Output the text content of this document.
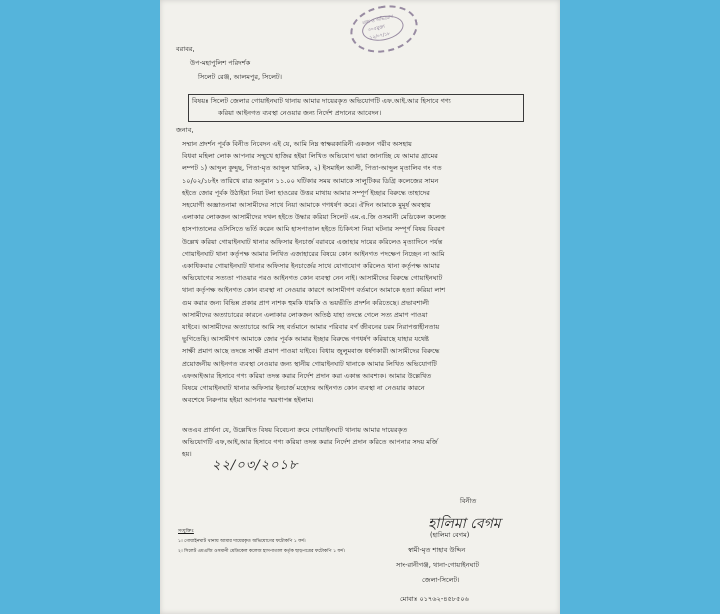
তথ্য ও অভিযোগ
৩০৫মুক্তা
১২/০৭/১৮
বরাবর,
উপ-মহাপুলিশ পরিদর্শক
সিলেট রেঞ্জ, আলমপুর, সিলেট।
বিষয়ঃ সিলেট জেলার গোয়াইনঘাট থানায় আমার দায়েরকৃত অভিযোগটি এফ.আই.আর হিসাবে গণ্য
করিয়া আইনগত ব্যবস্থা নেওয়ার জন্য নির্দেশ প্রদানের আবেদন।
জনাব,
সম্মান প্রদর্শন পূর্বক বিনীত নিবেদন এই যে, আমি নিম্ন স্বাক্ষরকারিনী একজন গরীব অসহায়
বিধবা মহিলা লোক আপনার সম্মুখে হাজির হইয়া লিখিত অভিযোগ দ্বারা জানাচ্ছি যে আমার গ্রামের
লম্পট ১) আব্দুল কুদ্দুছ, পিতা-মৃত আব্দুল খালিক, ২) ইসমাইল আলী, পিতা-আব্দুল মৃতালিব গং গত
১০/০২/১৮ইং তারিখে রাত্র অনুমান ১১.০০ ঘটিকার সময় আমাকে সালুটিকর ডিগ্রি কলেজের সামন
হইতে জোর পূর্বক উঠাইয়া নিয়া টলা হাওরের উত্তর মাথায় আমার সম্পূর্ণ ইচ্ছার বিরুদ্ধে তাহাদের
সহযোগী অজ্ঞাতনামা আসামীদের সাথে নিয়া আমাকে গণধর্ষণ করে। ঐদিন আমাকে মুমূর্ষ অবস্থায়
এলাকার লোকজন আসামীদের দখল হইতে উদ্ধার করিয়া সিলেট এম.এ.জি ওসমানী মেডিকেল কলেজ
হাসপাতালের ওসিসিতে ভর্তি করেন আমি হাসপাতাল হইতে চিকিৎসা নিয়া ঘটনার সম্পূর্ণ বিষয় বিবরণ
উল্লেখ করিয়া গোয়াইনঘাট থানার অফিসার ইনচার্জ বরাবরে এজাহার দায়ের করিলেও মৃত্যাদিনে পর্যন্ত
গোয়াইনঘাট থানা কর্তৃপক্ষ আমার লিখিত এজাহারের বিষয়ে কোন আইনগত পদক্ষেপ নিচ্ছেন না আমি
একাধিকবার গোয়াইনঘাট থানার অফিসার ইনচার্জের সাথে যোগাযোগ করিলেও থানা কর্তৃপক্ষ আমার
অভিযোগের সত্যতা পাওয়ার পরও আইনগত কোন ব্যবস্থা নেন নাই। আসামীদের বিরুদ্ধে গোয়াইনঘাট
থানা কর্তৃপক্ষ আইনগত কোন ব্যবস্থা না নেওয়ার কারণে আসামীগণ বর্তমানে আমাকে হত্যা করিয়া লাশ
গুম করার জন্য বিভিন্ন প্রকার প্রাণ নাশক হুমকি ধামকি ও ভয়ভীতি প্রদর্শন করিতেছে। প্রভাবশালী
আসামীদের অত্যাচারের কারনে এলাকার লোকজন অতিষ্ঠ যাহা তদন্তে গেলে সত্য প্রমাণ পাওয়া
যাইবে। আসামীদের অত্যাচারে আমি সহ বর্তমানে আমার পরিবার বর্গ জীবনের চরম নিরাপত্তাহীনতায়
ভুগিতেছি। আসামীগণ আমাকে জোর পূর্বক আমার ইচ্ছার বিরুদ্ধে গণধর্ষণ করিয়াছে যাহার যথেষ্ট
সাক্ষী প্রমাণ আছে তদন্তে সাক্ষী প্রমাণ পাওয়া যাইবে। বিধায় জুলুমবাজ ধর্ষণকারী আসামীদের বিরুদ্ধে
প্রয়োজনীয় আইনগত ব্যবস্থা নেওয়ার জন্য স্থানীয় গোয়াইনঘাট থানাকে আমার লিখিত অভিযোগটি
এফআইআর হিসাবে গণ্য করিয়া তদন্ত করার নির্দেশ প্রদান করা একান্ত আবশ্যক। আমার উল্লেখিত
বিষয়ে গোয়াইনঘাট থানার অফিসার ইনচার্জ মহোদয় আইনগত কোন ব্যবস্থা না নেওয়ার কারনে
অবশেষে নিরুপায় হইয়া আপনার স্মরণাপন্ন হইলাম।
অতএব প্রার্থনা যে, উল্লেখিত বিষয় বিবেচনা ক্রমে গোয়াইনঘাট থানায় আমার দায়েরকৃত
অভিযোগটি এফ,আই,আর হিসাবে গণ্য করিয়া তদন্ত করার নির্দেশ প্রদান করিতে আপনার সদয় মর্জি
হয়।
২২/০৩/২০১৮
বিনীত
হালিমা বেগম
(হালিমা বেগম)
স্বামী-মৃত শাহাব উদ্দিন
সাং-রানীগঞ্জ, থানা-গোয়াইনঘাট
জেলা-সিলেট।
মোবাঃ ০১৭৬২-৪৫৮৫০৬
সংযুক্তিঃ
১। গোয়াইনঘাট থানায় আমার দায়েরকৃত অভিযোগের ফটোকপি ১ ফর্দ।
২। সিলেট এমএজি ওসমানী মেডিকেল কলেজ হাসপাতাল কর্তৃক ছাড়পত্রের ফটোকপি ১ ফর্দ।
